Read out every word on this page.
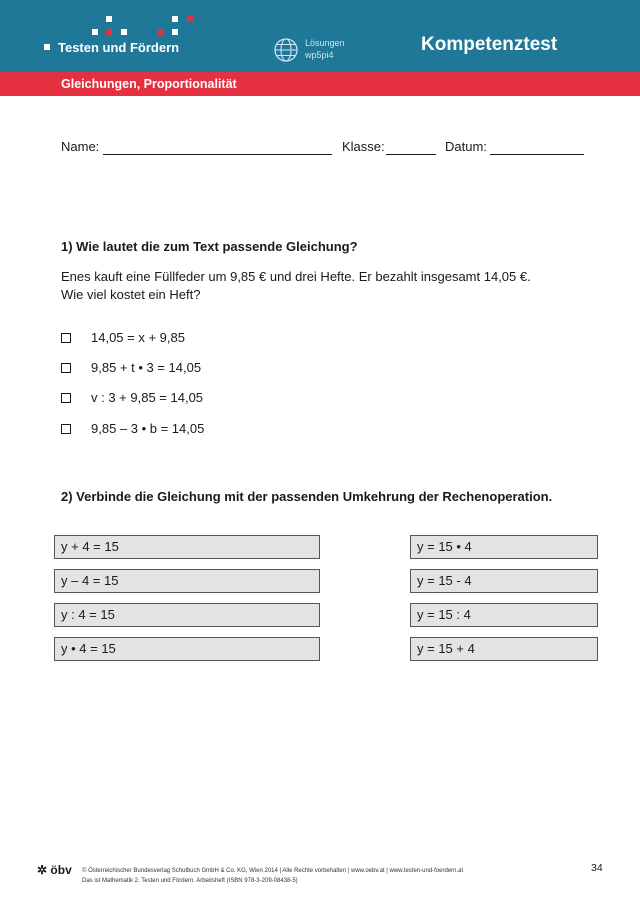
Testen und Fördern	Lösungen
wp5pi4	Kompetenztest
Gleichungen, Proportionalität
Name:	Klasse:	Datum:
1) Wie lautet die zum Text passende Gleichung?
Enes kauft eine Füllfeder um 9,85 € und drei Hefte. Er bezahlt insgesamt 14,05 €.
Wie viel kostet ein Heft?
14,05 = x + 9,85
9,85 + t • 3 = 14,05
v : 3 + 9,85 = 14,05
9,85 – 3 • b = 14,05
2) Verbinde die Gleichung mit der passenden Umkehrung der Rechenoperation.
y + 4 = 15
y – 4 = 15
y : 4 = 15
y • 4 = 15
y = 15 • 4
y = 15 - 4
y = 15 : 4
y = 15 + 4
✲ öbv © Österreichischer Bundesverlag Schulbuch GmbH & Co. KG, Wien 2014 | Alle Rechte vorbehalten | www.oebv.at | www.testen-und-foerdern.at
Das ist Mathematik 2. Testen und Fördern. Arbeitsheft (ISBN 978-3-209-08438-5)
34
